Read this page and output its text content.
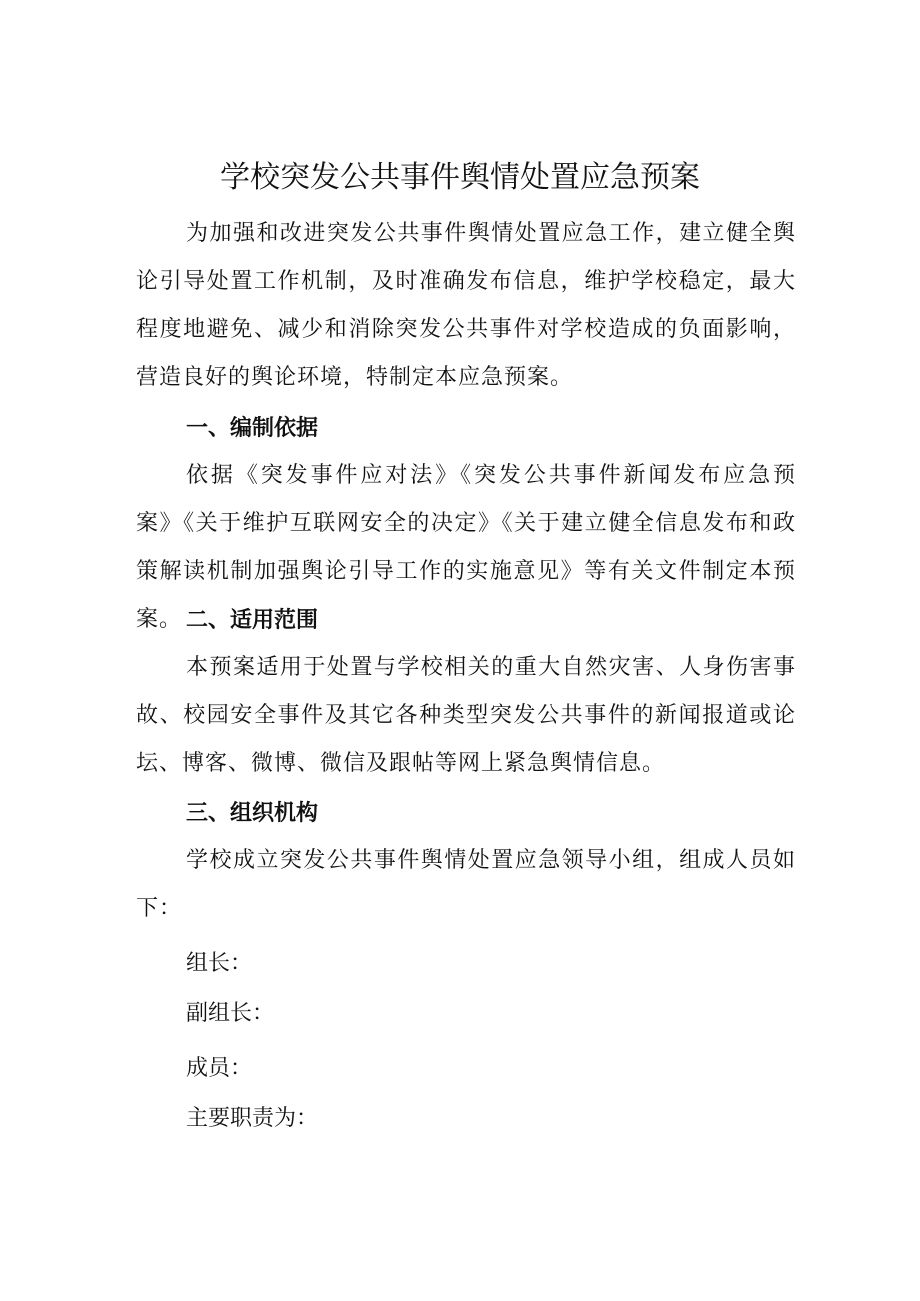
学校突发公共事件舆情处置应急预案

为加强和改进突发公共事件舆情处置应急工作，建立健全舆论引导处置工作机制，及时准确发布信息，维护学校稳定，最大程度地避免、减少和消除突发公共事件对学校造成的负面影响，营造良好的舆论环境，特制定本应急预案。

一、编制依据

依据《突发事件应对法》《突发公共事件新闻发布应急预案》《关于维护互联网安全的决定》《关于建立健全信息发布和政策解读机制加强舆论引导工作的实施意见》等有关文件制定本预案。 二、适用范围

本预案适用于处置与学校相关的重大自然灾害、人身伤害事故、校园安全事件及其它各种类型突发公共事件的新闻报道或论坛、博客、微博、微信及跟帖等网上紧急舆情信息。

三、组织机构

学校成立突发公共事件舆情处置应急领导小组，组成人员如下：

组长：

副组长：

成员：

主要职责为：
